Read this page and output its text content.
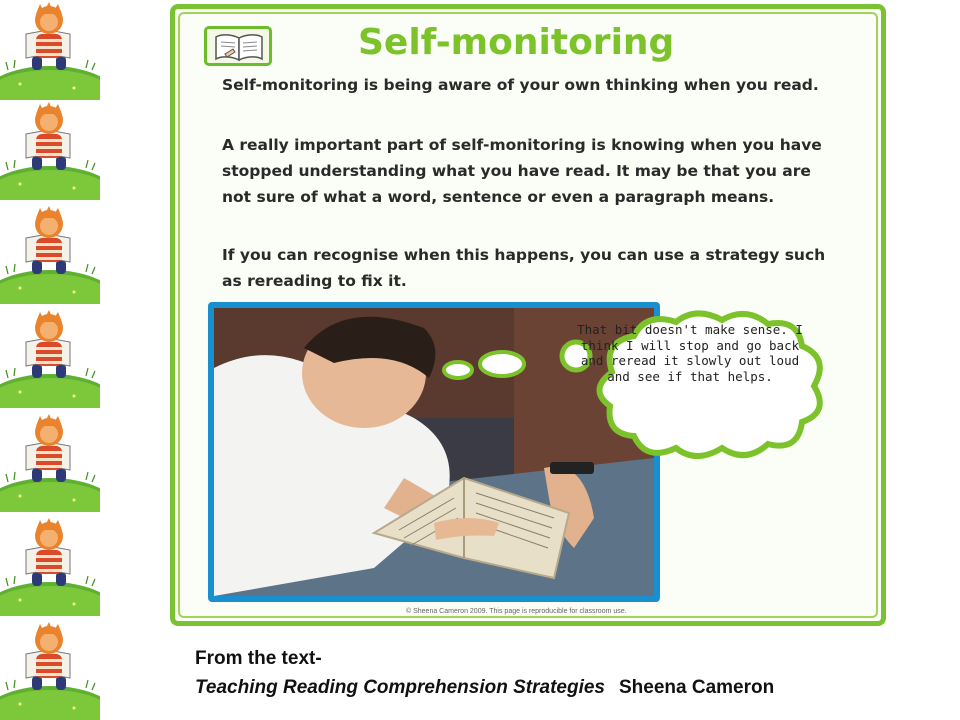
Self-monitoring
Self-monitoring is being aware of your own thinking when you read.
A really important part of self-monitoring is knowing when you have stopped understanding what you have read. It may be that you are not sure of what a word, sentence or even a paragraph means.
If you can recognise when this happens, you can use a strategy such as rereading to fix it.
That bit doesn't make sense. I think I will stop and go back and reread it slowly out loud and see if that helps.
© Sheena Cameron 2009. This page is reproducible for classroom use.
From the text-
Teaching Reading Comprehension Strategies Sheena Cameron
